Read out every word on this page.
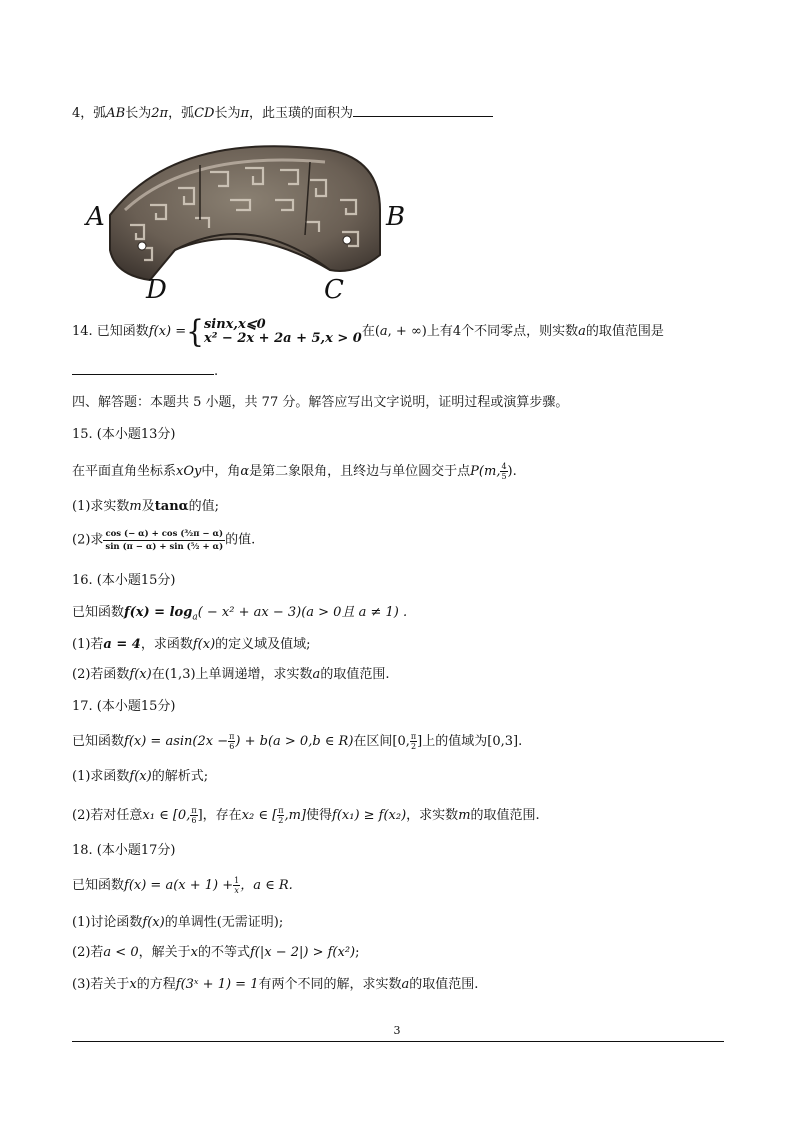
4，弧AB长为2π，弧CD长为π，此玉璜的面积为
A	B
D	C
14. 已知函数f(x) ={ sinx,x⩽0
x² − 2x + 2a + 5,x > 0 在(a, + ∞)上有4个不同零点，则实数a的取值范围是
.
四、解答题：本题共 5 小题，共 77 分。解答应写出文字说明，证明过程或演算步骤。
15. (本小题13分)
在平面直角坐标系xOy中，角α是第二象限角，且终边与单位圆交于点P(m, $\frac{4}{5}$ ).
(1)求实数m及tanα的值;
(2)求 $\frac{\text{cos (− α) + cos (³⁄₂π − α)}}{\text{sin (π − α) + sin (⁵⁄₂ + α)}}$ 的值.
16. (本小题15分)
已知函数$f(x) = \log_a( - x^2$ + ax − 3)(a > 0且 a ≠ 1) .
(1)若a = 4，求函数f(x)的定义域及值域;
(2)若函数f(x)在(1,3)上单调递增，求实数a的取值范围.
17. (本小题15分)
已知函数$f(x) = asin(2x - \frac{\pi}{6}$ ) + b(a > 0,b ∈ R)在区间[0, $\frac{\pi}{2}$ ]上的值域为[0,3].
(1)求函数f(x)的解析式;
(2)若对任意x₁ ∈ [0, $\frac{\pi}{6}$ ]，存在x₂ ∈ [ $\frac{\pi}{2} ,m$]使得f(x₁) ≥ f(x₂)，求实数m的取值范围.
18. (本小题17分)
已知函数$f(x) = a(x + 1) + \frac{1}{x}$ ，a ∈ R.
(1)讨论函数f(x)的单调性(无需证明);
(2)若a < 0，解关于x的不等式f(|x − 2|) > f(x²);
(3)若关于x的方程f(3ˣ + 1) = 1有两个不同的解，求实数a的取值范围.
3
